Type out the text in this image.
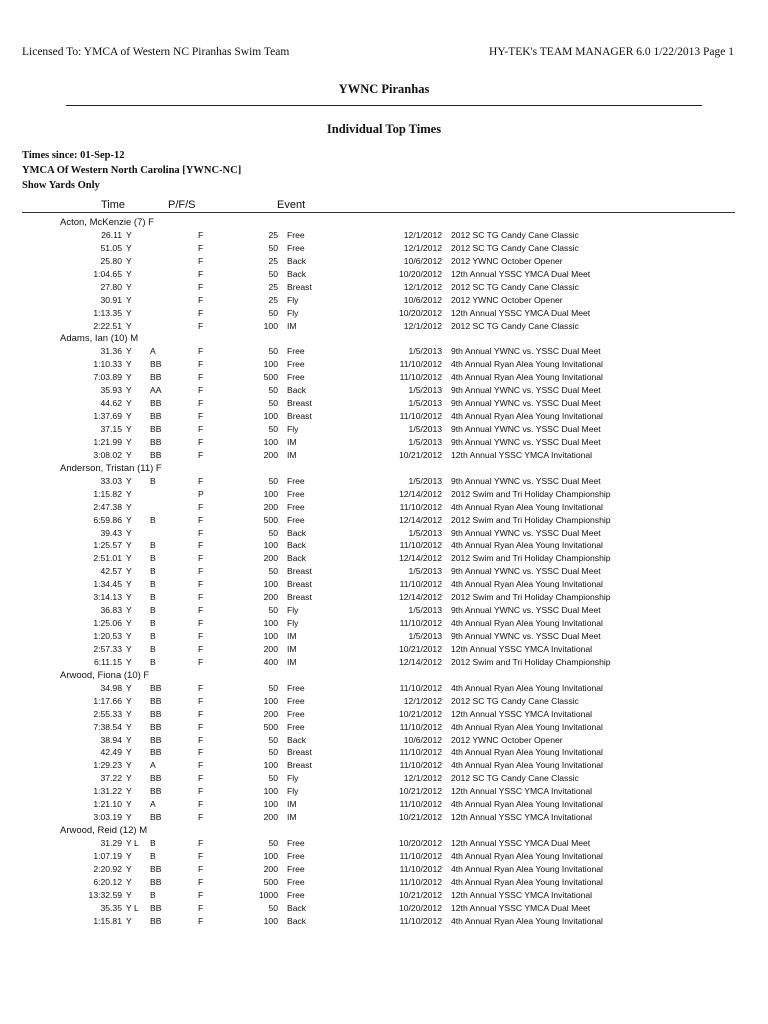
Licensed To: YMCA of Western NC Piranhas Swim Team	HY-TEK's TEAM MANAGER 6.0 1/22/2013 Page 1
YWNC Piranhas
Individual Top Times
Times since: 01-Sep-12
YMCA Of Western North Carolina [YWNC-NC]
Show Yards Only
Time	P/F/S	Event
Acton, McKenzie (7) F
26.11 Y	F	25 Free	12/1/2012 2012 SC TG Candy Cane Classic
51.05 Y	F	50 Free	12/1/2012 2012 SC TG Candy Cane Classic
25.80 Y	F	25 Back	10/6/2012 2012 YWNC October Opener
1:04.65 Y	F	50 Back	10/20/2012 12th Annual YSSC YMCA Dual Meet
27.80 Y	F	25 Breast	12/1/2012 2012 SC TG Candy Cane Classic
30.91 Y	F	25 Fly	10/6/2012 2012 YWNC October Opener
1:13.35 Y	F	50 Fly	10/20/2012 12th Annual YSSC YMCA Dual Meet
2:22.51 Y	F	100 IM	12/1/2012 2012 SC TG Candy Cane Classic
Adams, Ian (10) M
31.36 Y A	F	50 Free	1/5/2013 9th Annual YWNC vs. YSSC Dual Meet
1:10.33 Y BB	F	100 Free	11/10/2012 4th Annual Ryan Alea Young Invitational
7:03.89 Y BB	F	500 Free	11/10/2012 4th Annual Ryan Alea Young Invitational
35.93 Y AA	F	50 Back	1/5/2013 9th Annual YWNC vs. YSSC Dual Meet
44.62 Y BB	F	50 Breast	1/5/2013 9th Annual YWNC vs. YSSC Dual Meet
1:37.69 Y BB	F	100 Breast	11/10/2012 4th Annual Ryan Alea Young Invitational
37.15 Y BB	F	50 Fly	1/5/2013 9th Annual YWNC vs. YSSC Dual Meet
1:21.99 Y BB	F	100 IM	1/5/2013 9th Annual YWNC vs. YSSC Dual Meet
3:08.02 Y BB	F	200 IM	10/21/2012 12th Annual YSSC YMCA Invitational
Anderson, Tristan (11) F
33.03 Y B	F	50 Free	1/5/2013 9th Annual YWNC vs. YSSC Dual Meet
1:15.82 Y	P	100 Free	12/14/2012 2012 Swim and Tri Holiday Championship
2:47.38 Y	F	200 Free	11/10/2012 4th Annual Ryan Alea Young Invitational
6:59.86 Y B	F	500 Free	12/14/2012 2012 Swim and Tri Holiday Championship
39.43 Y	F	50 Back	1/5/2013 9th Annual YWNC vs. YSSC Dual Meet
1:25.57 Y B	F	100 Back	11/10/2012 4th Annual Ryan Alea Young Invitational
2:51.01 Y B	F	200 Back	12/14/2012 2012 Swim and Tri Holiday Championship
42.57 Y B	F	50 Breast	1/5/2013 9th Annual YWNC vs. YSSC Dual Meet
1:34.45 Y B	F	100 Breast	11/10/2012 4th Annual Ryan Alea Young Invitational
3:14.13 Y B	F	200 Breast	12/14/2012 2012 Swim and Tri Holiday Championship
36.83 Y B	F	50 Fly	1/5/2013 9th Annual YWNC vs. YSSC Dual Meet
1:25.06 Y B	F	100 Fly	11/10/2012 4th Annual Ryan Alea Young Invitational
1:20.53 Y B	F	100 IM	1/5/2013 9th Annual YWNC vs. YSSC Dual Meet
2:57.33 Y B	F	200 IM	10/21/2012 12th Annual YSSC YMCA Invitational
6:11.15 Y B	F	400 IM	12/14/2012 2012 Swim and Tri Holiday Championship
Arwood, Fiona (10) F
34.98 Y BB	F	50 Free	11/10/2012 4th Annual Ryan Alea Young Invitational
1:17.66 Y BB	F	100 Free	12/1/2012 2012 SC TG Candy Cane Classic
2:55.33 Y BB	F	200 Free	10/21/2012 12th Annual YSSC YMCA Invitational
7:38.54 Y BB	F	500 Free	11/10/2012 4th Annual Ryan Alea Young Invitational
38.94 Y BB	F	50 Back	10/6/2012 2012 YWNC October Opener
42.49 Y BB	F	50 Breast	11/10/2012 4th Annual Ryan Alea Young Invitational
1:29.23 Y A	F	100 Breast	11/10/2012 4th Annual Ryan Alea Young Invitational
37.22 Y BB	F	50 Fly	12/1/2012 2012 SC TG Candy Cane Classic
1:31.22 Y BB	F	100 Fly	10/21/2012 12th Annual YSSC YMCA Invitational
1:21.10 Y A	F	100 IM	11/10/2012 4th Annual Ryan Alea Young Invitational
3:03.19 Y BB	F	200 IM	10/21/2012 12th Annual YSSC YMCA Invitational
Arwood, Reid (12) M
31.29 Y L B	F	50 Free	10/20/2012 12th Annual YSSC YMCA Dual Meet
1:07.19 Y B	F	100 Free	11/10/2012 4th Annual Ryan Alea Young Invitational
2:20.92 Y BB	F	200 Free	11/10/2012 4th Annual Ryan Alea Young Invitational
6:20.12 Y BB	F	500 Free	11/10/2012 4th Annual Ryan Alea Young Invitational
13:32.59 Y B	F	1000 Free	10/21/2012 12th Annual YSSC YMCA Invitational
35.35 Y L BB	F	50 Back	10/20/2012 12th Annual YSSC YMCA Dual Meet
1:15.81 Y BB	F	100 Back	11/10/2012 4th Annual Ryan Alea Young Invitational
